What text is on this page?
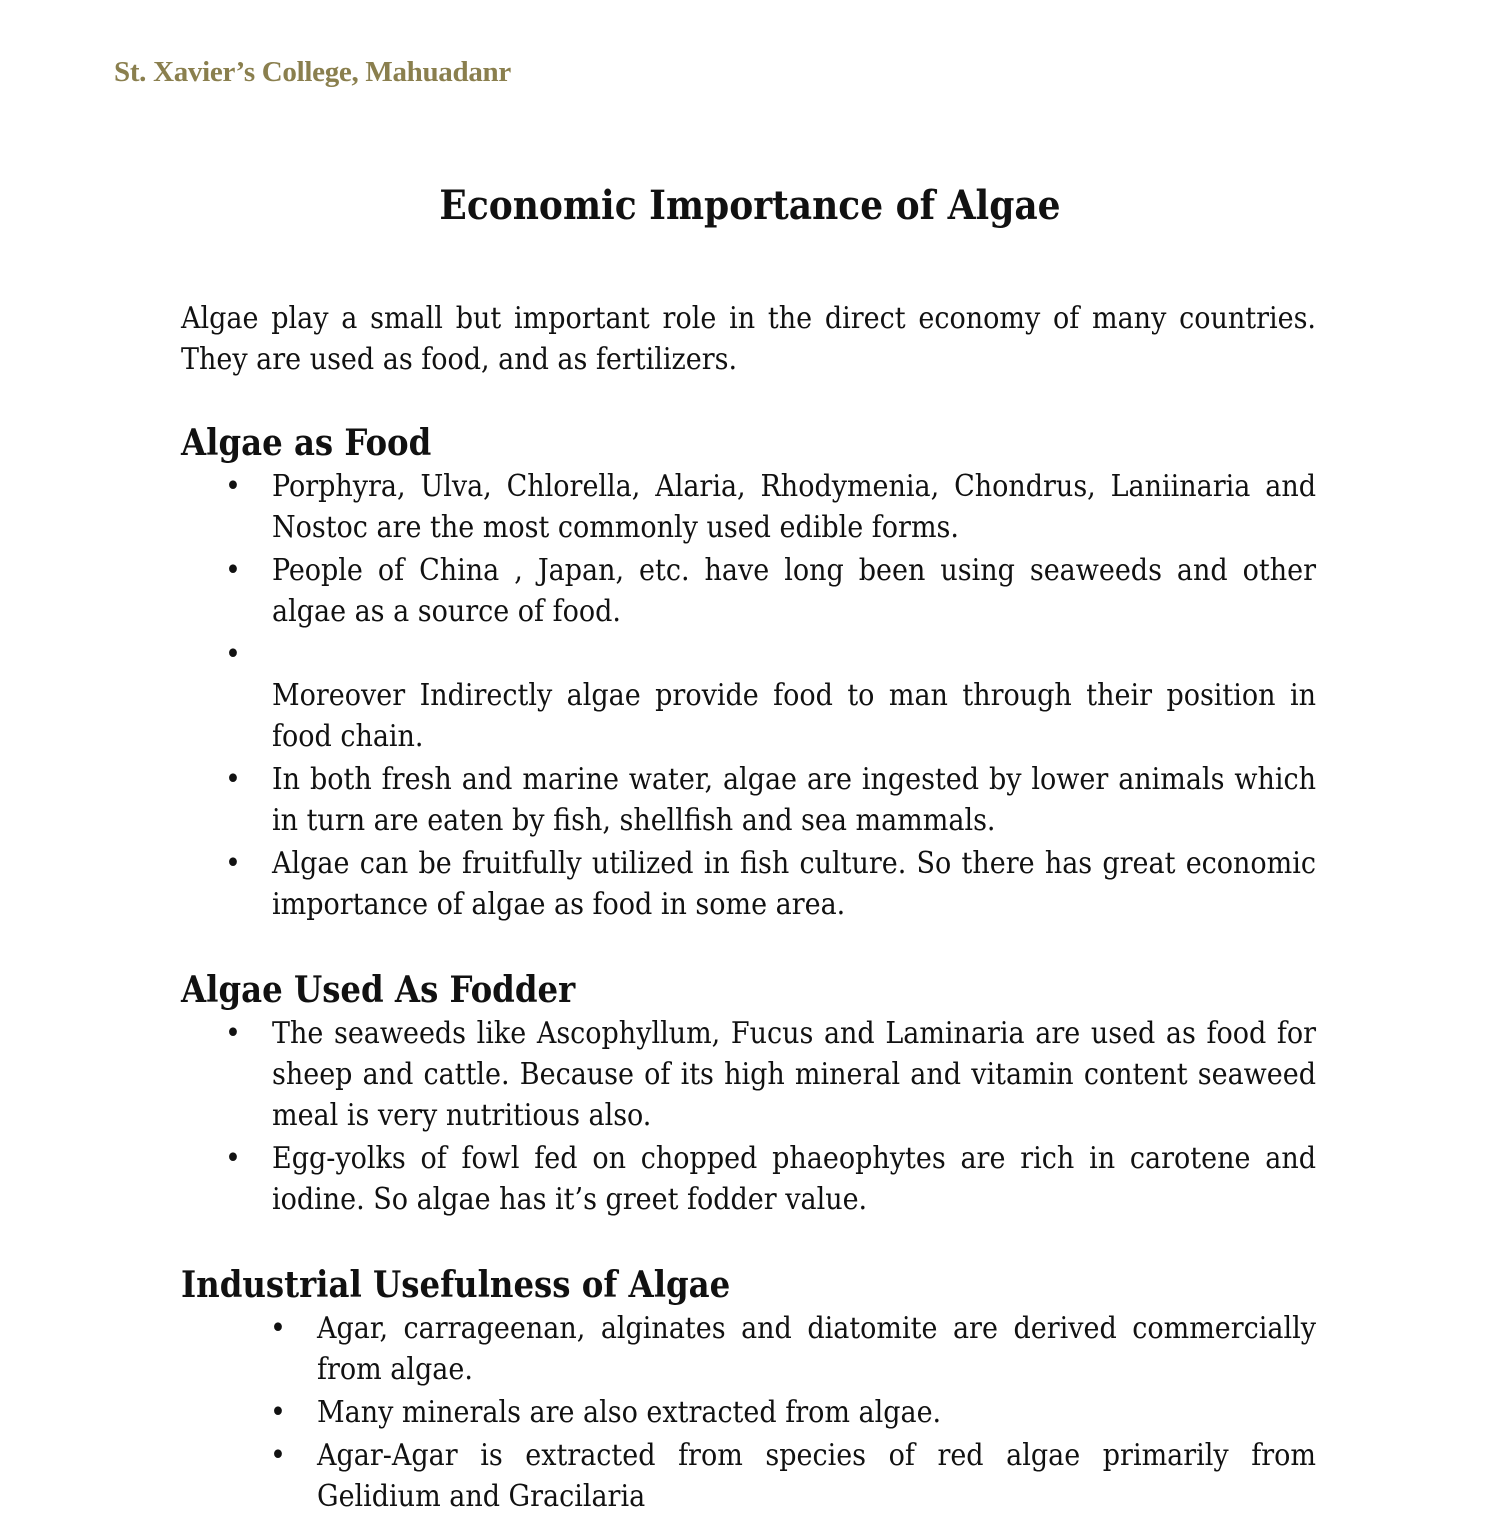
St. Xavier’s College, Mahuadanr
Economic Importance of Algae

Algae play a small but important role in the direct economy of many countries. They are used as food, and as fertilizers.

Algae as Food
• Porphyra, Ulva, Chlorella, Alaria, Rhodymenia, Chondrus, Laniinaria and Nostoc are the most commonly used edible forms.
• People of China , Japan, etc. have long been using seaweeds and other algae as a source of food.
• Moreover Indirectly algae provide food to man through their position in food chain.
• In both fresh and marine water, algae are ingested by lower animals which in turn are eaten by fish, shellfish and sea mammals.
• Algae can be fruitfully utilized in fish culture. So there has great economic importance of algae as food in some area.
Algae Used As Fodder
• The seaweeds like Ascophyllum, Fucus and Laminaria are used as food for sheep and cattle. Because of its high mineral and vitamin content seaweed meal is very nutritious also.
• Egg-yolks of fowl fed on chopped phaeophytes are rich in carotene and iodine. So algae has it’s greet fodder value.
Industrial Usefulness of Algae
• Agar, carrageenan, alginates and diatomite are derived commercially from algae.
• Many minerals are also extracted from algae.
• Agar-Agar is extracted from species of red algae primarily from Gelidium and Gracilaria
